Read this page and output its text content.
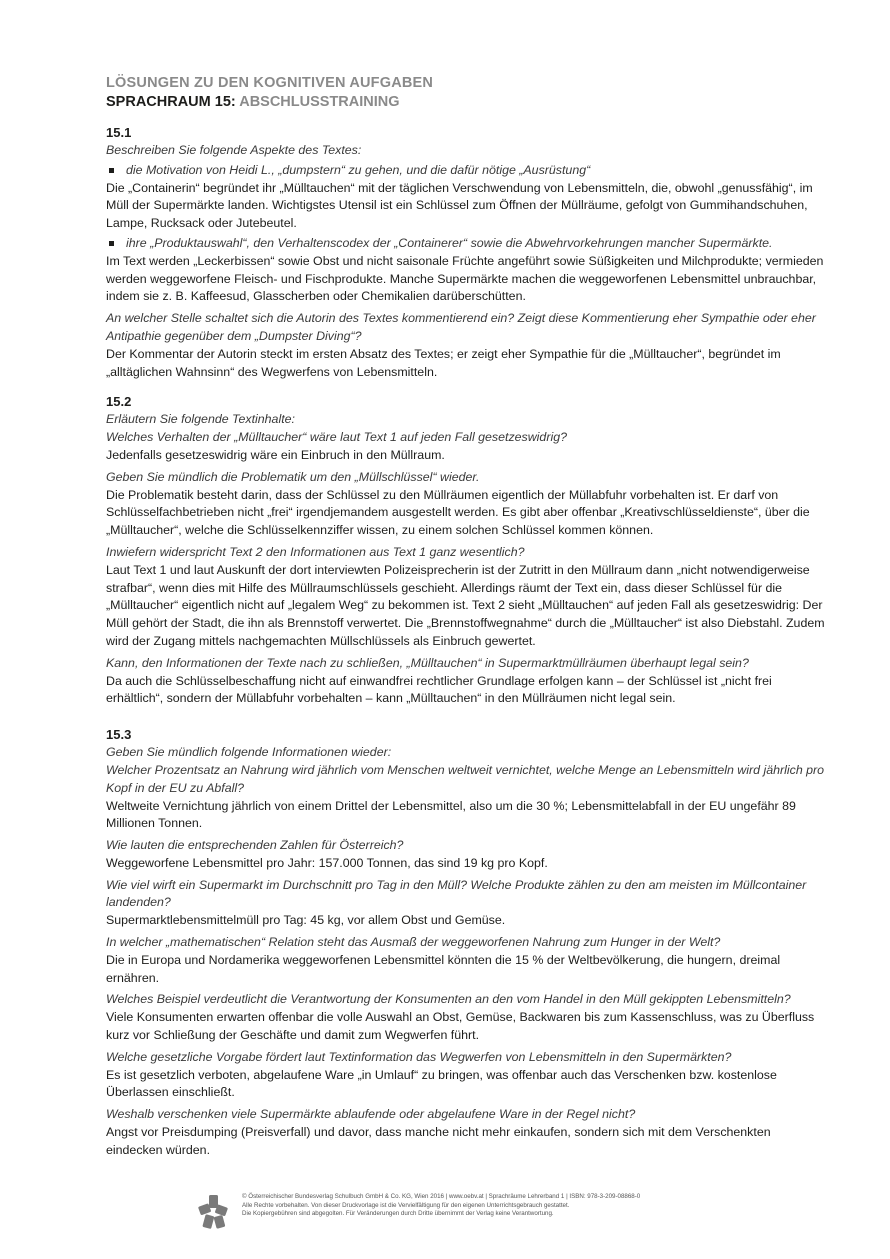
LÖSUNGEN ZU DEN KOGNITIVEN AUFGABEN

SPRACHRAUM 15: ABSCHLUSSTRAINING

15.1

Beschreiben Sie folgende Aspekte des Textes:

die Motivation von Heidi L., „dumpstern“ zu gehen, und die dafür nötige „Ausrüstung“

Die „Containerin“ begründet ihr „Mülltauchen“ mit der täglichen Verschwendung von Lebensmitteln, die, obwohl „genussfähig“, im Müll der Supermärkte landen. Wichtigstes Utensil ist ein Schlüssel zum Öffnen der Müllräume, gefolgt von Gummihandschuhen, Lampe, Rucksack oder Jutebeutel.

ihre „Produktauswahl“, den Verhaltenscodex der „Containerer“ sowie die Abwehrvorkehrungen mancher Supermärkte.

Im Text werden „Leckerbissen“ sowie Obst und nicht saisonale Früchte angeführt sowie Süßigkeiten und Milchprodukte; vermieden werden weggeworfene Fleisch- und Fischprodukte. Manche Supermärkte machen die weggeworfenen Lebensmittel unbrauchbar, indem sie z. B. Kaffeesud, Glasscherben oder Chemikalien darüberschütten.

An welcher Stelle schaltet sich die Autorin des Textes kommentierend ein? Zeigt diese Kommentierung eher Sympathie oder eher Antipathie gegenüber dem „Dumpster Diving“?

Der Kommentar der Autorin steckt im ersten Absatz des Textes; er zeigt eher Sympathie für die „Mülltaucher“, begründet im „alltäglichen Wahnsinn“ des Wegwerfens von Lebensmitteln.

15.2

Erläutern Sie folgende Textinhalte:

Welches Verhalten der „Mülltaucher“ wäre laut Text 1 auf jeden Fall gesetzeswidrig?

Jedenfalls gesetzeswidrig wäre ein Einbruch in den Müllraum.

Geben Sie mündlich die Problematik um den „Müllschlüssel“ wieder.

Die Problematik besteht darin, dass der Schlüssel zu den Müllräumen eigentlich der Müllabfuhr vorbehalten ist. Er darf von Schlüsselfachbetrieben nicht „frei“ irgendjemandem ausgestellt werden. Es gibt aber offenbar „Kreativschlüsseldienste“, über die „Mülltaucher“, welche die Schlüsselkennziffer wissen, zu einem solchen Schlüssel kommen können.

Inwiefern widerspricht Text 2 den Informationen aus Text 1 ganz wesentlich?

Laut Text 1 und laut Auskunft der dort interviewten Polizeisprecherin ist der Zutritt in den Müllraum dann „nicht notwendigerweise strafbar“, wenn dies mit Hilfe des Müllraumschlüssels geschieht. Allerdings räumt der Text ein, dass dieser Schlüssel für die „Mülltaucher“ eigentlich nicht auf „legalem Weg“ zu bekommen ist. Text 2 sieht „Mülltauchen“ auf jeden Fall als gesetzeswidrig: Der Müll gehört der Stadt, die ihn als Brennstoff verwertet. Die „Brennstoffwegnahme“ durch die „Mülltaucher“ ist also Diebstahl. Zudem wird der Zugang mittels nachgemachten Müllschlüssels als Einbruch gewertet.

Kann, den Informationen der Texte nach zu schließen, „Mülltauchen“ in Supermarktmüllräumen überhaupt legal sein?

Da auch die Schlüsselbeschaffung nicht auf einwandfrei rechtlicher Grundlage erfolgen kann – der Schlüssel ist „nicht frei erhältlich“, sondern der Müllabfuhr vorbehalten – kann „Mülltauchen“ in den Müllräumen nicht legal sein.

15.3

Geben Sie mündlich folgende Informationen wieder:

Welcher Prozentsatz an Nahrung wird jährlich vom Menschen weltweit vernichtet, welche Menge an Lebensmitteln wird jährlich pro Kopf in der EU zu Abfall?

Weltweite Vernichtung jährlich von einem Drittel der Lebensmittel, also um die 30 %; Lebensmittelabfall in der EU ungefähr 89 Millionen Tonnen.

Wie lauten die entsprechenden Zahlen für Österreich?

Weggeworfene Lebensmittel pro Jahr: 157.000 Tonnen, das sind 19 kg pro Kopf.

Wie viel wirft ein Supermarkt im Durchschnitt pro Tag in den Müll? Welche Produkte zählen zu den am meisten im Müllcontainer landenden?

Supermarktlebensmittelmüll pro Tag: 45 kg, vor allem Obst und Gemüse.

In welcher „mathematischen“ Relation steht das Ausmaß der weggeworfenen Nahrung zum Hunger in der Welt?

Die in Europa und Nordamerika weggeworfenen Lebensmittel könnten die 15 % der Weltbevölkerung, die hungern, dreimal ernähren.

Welches Beispiel verdeutlicht die Verantwortung der Konsumenten an den vom Handel in den Müll gekippten Lebensmitteln?

Viele Konsumenten erwarten offenbar die volle Auswahl an Obst, Gemüse, Backwaren bis zum Kassenschluss, was zu Überfluss kurz vor Schließung der Geschäfte und damit zum Wegwerfen führt.

Welche gesetzliche Vorgabe fördert laut Textinformation das Wegwerfen von Lebensmitteln in den Supermärkten?

Es ist gesetzlich verboten, abgelaufene Ware „in Umlauf“ zu bringen, was offenbar auch das Verschenken bzw. kostenlose Überlassen einschließt.

Weshalb verschenken viele Supermärkte ablaufende oder abgelaufene Ware in der Regel nicht?

Angst vor Preisdumping (Preisverfall) und davor, dass manche nicht mehr einkaufen, sondern sich mit dem Verschenkten eindecken würden.

© Österreichischer Bundesverlag Schulbuch GmbH & Co. KG, Wien 2016 | www.oebv.at | Sprachräume Lehrerband 1 | ISBN: 978-3-209-08868-0
Alle Rechte vorbehalten. Von dieser Druckvorlage ist die Vervielfältigung für den eigenen Unterrichtsgebrauch gestattet.
Die Kopiergebühren sind abgegolten. Für Veränderungen durch Dritte übernimmt der Verlag keine Verantwortung.
